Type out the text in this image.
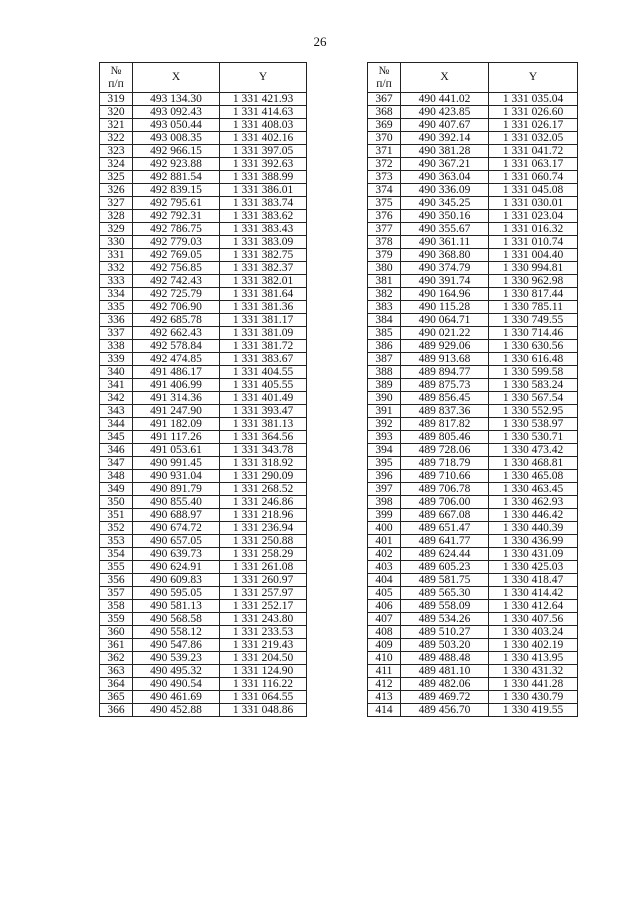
26
№
п/п	X	Y
319	493 134.30	1 331 421.93
320	493 092.43	1 331 414.63
321	493 050.44	1 331 408.03
322	493 008.35	1 331 402.16
323	492 966.15	1 331 397.05
324	492 923.88	1 331 392.63
325	492 881.54	1 331 388.99
326	492 839.15	1 331 386.01
327	492 795.61	1 331 383.74
328	492 792.31	1 331 383.62
329	492 786.75	1 331 383.43
330	492 779.03	1 331 383.09
331	492 769.05	1 331 382.75
332	492 756.85	1 331 382.37
333	492 742.43	1 331 382.01
334	492 725.79	1 331 381.64
335	492 706.90	1 331 381.36
336	492 685.78	1 331 381.17
337	492 662.43	1 331 381.09
338	492 578.84	1 331 381.72
339	492 474.85	1 331 383.67
340	491 486.17	1 331 404.55
341	491 406.99	1 331 405.55
342	491 314.36	1 331 401.49
343	491 247.90	1 331 393.47
344	491 182.09	1 331 381.13
345	491 117.26	1 331 364.56
346	491 053.61	1 331 343.78
347	490 991.45	1 331 318.92
348	490 931.04	1 331 290.09
349	490 891.79	1 331 268.52
350	490 855.40	1 331 246.86
351	490 688.97	1 331 218.96
352	490 674.72	1 331 236.94
353	490 657.05	1 331 250.88
354	490 639.73	1 331 258.29
355	490 624.91	1 331 261.08
356	490 609.83	1 331 260.97
357	490 595.05	1 331 257.97
358	490 581.13	1 331 252.17
359	490 568.58	1 331 243.80
360	490 558.12	1 331 233.53
361	490 547.86	1 331 219.43
362	490 539.23	1 331 204.50
363	490 495.32	1 331 124.90
364	490 490.54	1 331 116.22
365	490 461.69	1 331 064.55
366	490 452.88	1 331 048.86
№
п/п	X	Y
367	490 441.02	1 331 035.04
368	490 423.85	1 331 026.60
369	490 407.67	1 331 026.17
370	490 392.14	1 331 032.05
371	490 381.28	1 331 041.72
372	490 367.21	1 331 063.17
373	490 363.04	1 331 060.74
374	490 336.09	1 331 045.08
375	490 345.25	1 331 030.01
376	490 350.16	1 331 023.04
377	490 355.67	1 331 016.32
378	490 361.11	1 331 010.74
379	490 368.80	1 331 004.40
380	490 374.79	1 330 994.81
381	490 391.74	1 330 962.98
382	490 164.96	1 330 817.44
383	490 115.28	1 330 785.11
384	490 064.71	1 330 749.55
385	490 021.22	1 330 714.46
386	489 929.06	1 330 630.56
387	489 913.68	1 330 616.48
388	489 894.77	1 330 599.58
389	489 875.73	1 330 583.24
390	489 856.45	1 330 567.54
391	489 837.36	1 330 552.95
392	489 817.82	1 330 538.97
393	489 805.46	1 330 530.71
394	489 728.06	1 330 473.42
395	489 718.79	1 330 468.81
396	489 710.66	1 330 465.08
397	489 706.78	1 330 463.45
398	489 706.00	1 330 462.93
399	489 667.08	1 330 446.42
400	489 651.47	1 330 440.39
401	489 641.77	1 330 436.99
402	489 624.44	1 330 431.09
403	489 605.23	1 330 425.03
404	489 581.75	1 330 418.47
405	489 565.30	1 330 414.42
406	489 558.09	1 330 412.64
407	489 534.26	1 330 407.56
408	489 510.27	1 330 403.24
409	489 503.20	1 330 402.19
410	489 488.48	1 330 413.95
411	489 481.10	1 330 431.32
412	489 482.06	1 330 441.28
413	489 469.72	1 330 430.79
414	489 456.70	1 330 419.55
